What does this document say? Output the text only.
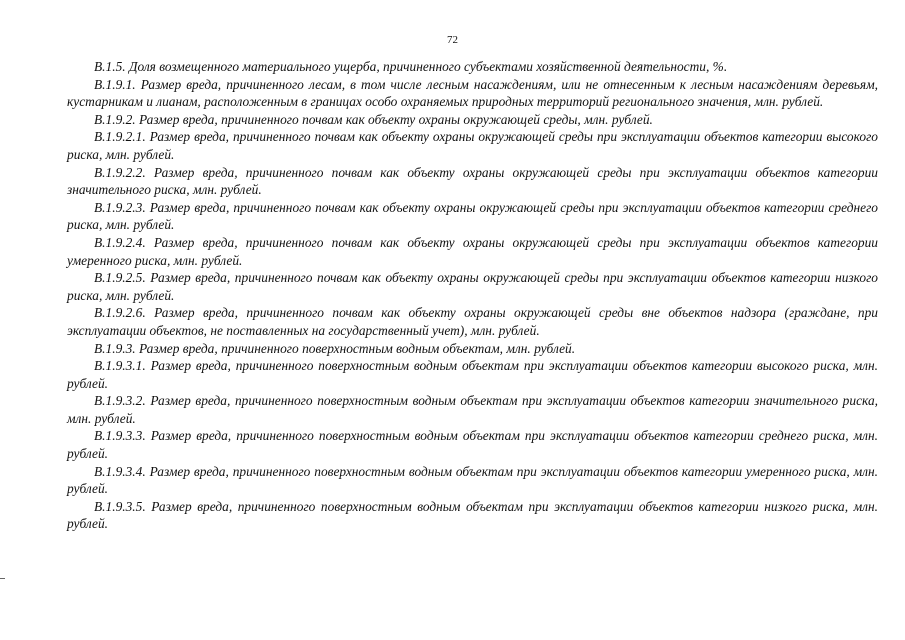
72

В.1.5. Доля возмещенного материального ущерба, причиненного субъектами хозяйственной деятельности, %.

В.1.9.1. Размер вреда, причиненного лесам, в том числе лесным насаждениям, или не отнесенным к лесным насаждениям деревьям, кустарникам и лианам, расположенным в границах особо охраняемых природных территорий регионального значения, млн. рублей.

В.1.9.2. Размер вреда, причиненного почвам как объекту охраны окружающей среды, млн. рублей.

В.1.9.2.1. Размер вреда, причиненного почвам как объекту охраны окружающей среды при эксплуатации объектов категории высокого риска, млн. рублей.

В.1.9.2.2. Размер вреда, причиненного почвам как объекту охраны окружающей среды при эксплуатации объектов категории значительного риска, млн. рублей.

В.1.9.2.3. Размер вреда, причиненного почвам как объекту охраны окружающей среды при эксплуатации объектов категории среднего риска, млн. рублей.

В.1.9.2.4. Размер вреда, причиненного почвам как объекту охраны окружающей среды при эксплуатации объектов категории умеренного риска, млн. рублей.

В.1.9.2.5. Размер вреда, причиненного почвам как объекту охраны окружающей среды при эксплуатации объектов категории низкого риска, млн. рублей.

В.1.9.2.6. Размер вреда, причиненного почвам как объекту охраны окружающей среды вне объектов надзора (граждане, при эксплуатации объектов, не поставленных на государственный учет), млн. рублей.

В.1.9.3. Размер вреда, причиненного поверхностным водным объектам, млн. рублей.

В.1.9.3.1. Размер вреда, причиненного поверхностным водным объектам при эксплуатации объектов категории высокого риска, млн. рублей.

В.1.9.3.2. Размер вреда, причиненного поверхностным водным объектам при эксплуатации объектов категории значительного риска, млн. рублей.

В.1.9.3.3. Размер вреда, причиненного поверхностным водным объектам при эксплуатации объектов категории среднего риска, млн. рублей.

В.1.9.3.4. Размер вреда, причиненного поверхностным водным объектам при эксплуатации объектов категории умеренного риска, млн. рублей.

В.1.9.3.5. Размер вреда, причиненного поверхностным водным объектам при эксплуатации объектов категории низкого риска, млн. рублей.
